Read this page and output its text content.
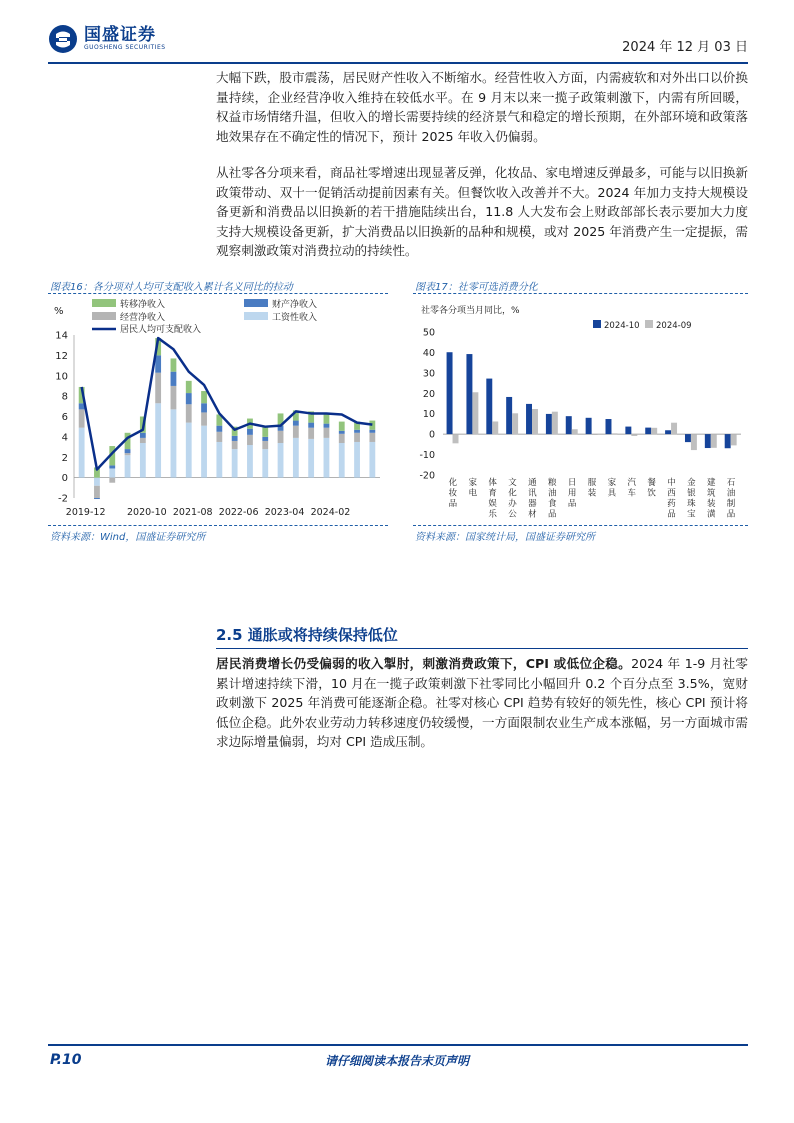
国盛证券
GUOSHENG SECURITIES	2024 年 12 月 03 日

大幅下跌，股市震荡，居民财产性收入不断缩水。经营性收入方面，内需疲软和对外出口以价换量持续，企业经营净收入维持在较低水平。在 9 月末以来一揽子政策刺激下，内需有所回暖，权益市场情绪升温，但收入的增长需要持续的经济景气和稳定的增长预期，在外部环境和政策落地效果存在不确定性的情况下，预计 2025 年收入仍偏弱。

从社零各分项来看，商品社零增速出现显著反弹，化妆品、家电增速反弹最多，可能与以旧换新政策带动、双十一促销活动提前因素有关。但餐饮收入改善并不大。2024 年加力支持大规模设备更新和消费品以旧换新的若干措施陆续出台，11.8 人大发布会上财政部部长表示要加大力度支持大规模设备更新，扩大消费品以旧换新的品种和规模，或对 2025 年消费产生一定提振，需观察刺激政策对消费拉动的持续性。

图表16：各分项对人均可支配收入累计名义同比的拉动
转移净收入	财产净收入
经营净收入	工资性收入
居民人均可支配收入
%
-2
0
2
4
6
8
10
12
14
2019-12 2020-10 2021-08 2022-06 2023-04 2024-02
资料来源：Wind，国盛证券研究所
图表17：社零可选消费分化
社零各分项当月同比，%
2024-10 2024-09
-20
-10
0
10
20
30
40
50
化妆品
家电
体育娱乐
文化办公
通讯器材
粮油食品
日用品
服装
家具
汽车
餐饮
中西药品
金银珠宝
建筑装潢
石油制品
资料来源：国家统计局，国盛证券研究所
2.5 通胀或将持续保持低位

居民消费增长仍受偏弱的收入掣肘，刺激消费政策下，CPI 或低位企稳。2024 年 1-9 月社零累计增速持续下滑，10 月在一揽子政策刺激下社零同比小幅回升 0.2 个百分点至 3.5%，宽财政刺激下 2025 年消费可能逐渐企稳。社零对核心 CPI 趋势有较好的领先性，核心 CPI 预计将低位企稳。此外农业劳动力转移速度仍较缓慢，一方面限制农业生产成本涨幅，另一方面城市需求边际增量偏弱，均对 CPI 造成压制。

P.10	请仔细阅读本报告末页声明
